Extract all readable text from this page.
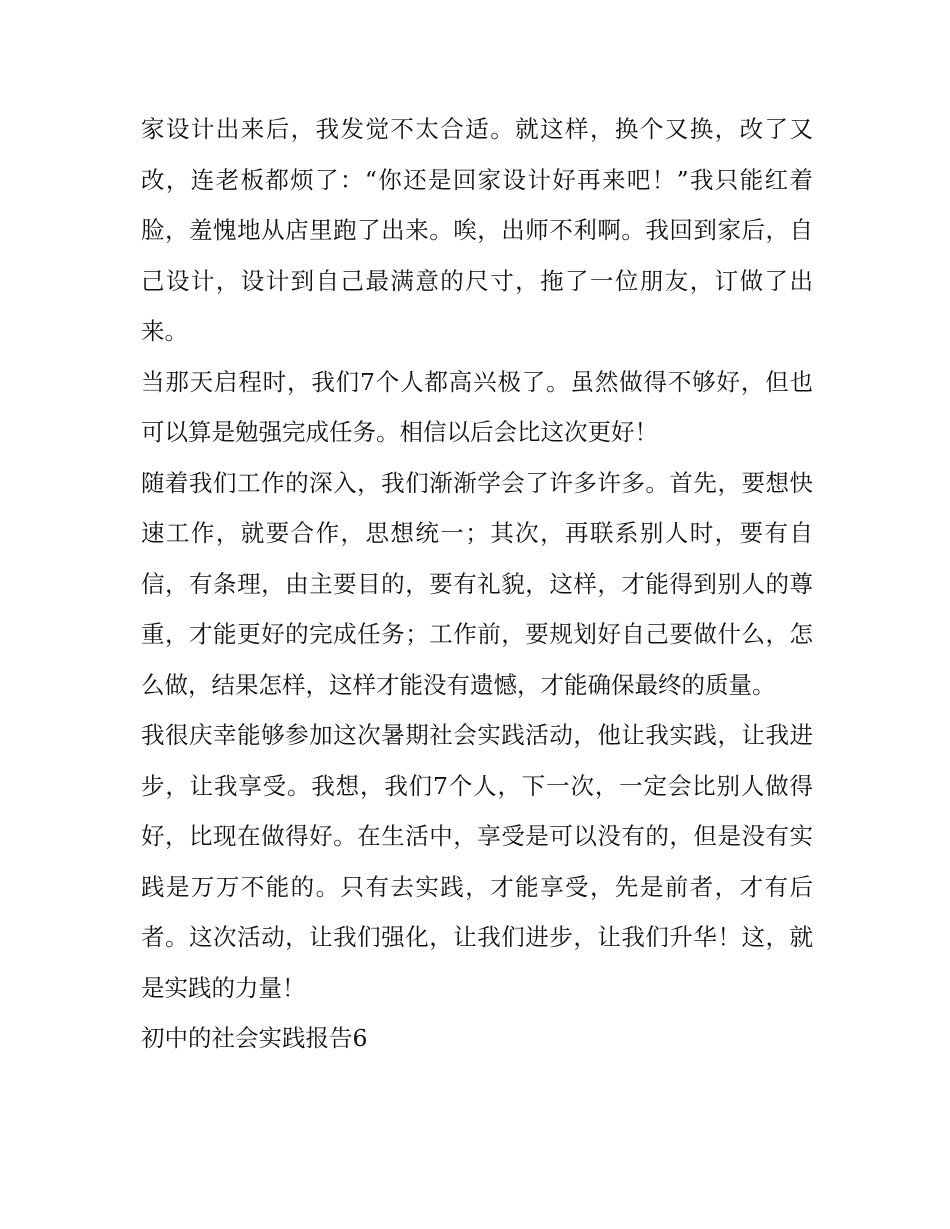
家设计出来后，我发觉不太合适。就这样，换个又换，改了又改，连老板都烦了：“你还是回家设计好再来吧！”我只能红着脸，羞愧地从店里跑了出来。唉，出师不利啊。我回到家后，自己设计，设计到自己最满意的尺寸，拖了一位朋友，订做了出来。

当那天启程时，我们7个人都高兴极了。虽然做得不够好，但也可以算是勉强完成任务。相信以后会比这次更好！

随着我们工作的深入，我们渐渐学会了许多许多。首先，要想快速工作，就要合作，思想统一；其次，再联系别人时，要有自信，有条理，由主要目的，要有礼貌，这样，才能得到别人的尊重，才能更好的完成任务；工作前，要规划好自己要做什么，怎么做，结果怎样，这样才能没有遗憾，才能确保最终的质量。

我很庆幸能够参加这次暑期社会实践活动，他让我实践，让我进步，让我享受。我想，我们7个人，下一次，一定会比别人做得好，比现在做得好。在生活中，享受是可以没有的，但是没有实践是万万不能的。只有去实践，才能享受，先是前者，才有后者。这次活动，让我们强化，让我们进步，让我们升华！这，就是实践的力量！

初中的社会实践报告6
